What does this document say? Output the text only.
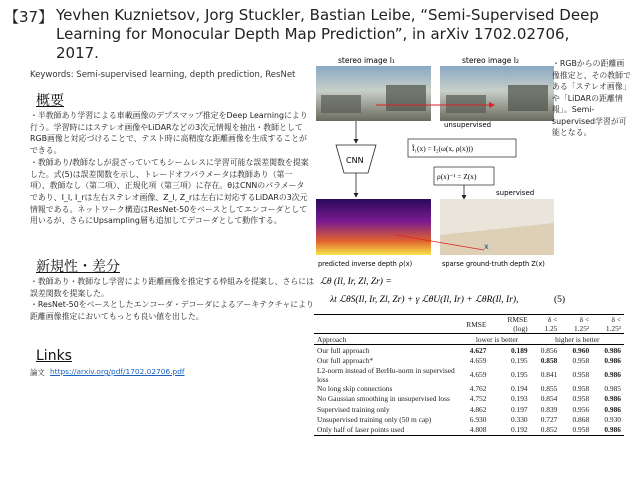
【37】 Yevhen Kuznietsov, Jorg Stuckler, Bastian Leibe, “Semi-Supervised Deep Learning for Monocular Depth Map Prediction”, in arXiv 1702.02706, 2017.
Keywords: Semi-supervised learning, depth prediction, ResNet
概要
・半教師あり学習による車載画像のデプスマップ推定をDeep Learningにより行う。学習時にはステレオ画像やLiDARなどの3次元情報を抽出・教師として RGB画像と対応づけることで、テスト時に高精度な距離画像を生成することができる。
・教師あり/教師なしが混ざっていてもシームレスに学習可能な誤差関数を提案した。式(5)は誤差関数を示し、トレードオフパラメータは教師あり（第一項）、教師なし（第二項）、正規化項（第三項）に存在。θはCNNのパラメータであり、I_l, I_rは左右ステレオ画像、Z_l, Z_rは左右に対応するLiDARの3次元情報である。ネットワーク構造はResNet-50をベースとしてエンコーダとして用いるが、さらにUpsampling層も追加してデコーダとして動作する。
新規性・差分
・教師あり・教師なし学習により距離画像を推定する枠組みを提案し、さらには誤差関数を提案した。
・ResNet-50をベースとしたエンコーダ・デコーダによるアーキテクチャにより距離画像推定においてもっとも良い値を出した。
Links
論文 https://arxiv.org/pdf/1702.02706.pdf
stereo image I₁	stereo image I₂
unsupervised
CNN
Î₁(x) = I₂(ω(x, ρ(x)))
ρ(x)⁻¹ = Z(x)
supervised
x
predicted inverse depth ρ(x)	sparse ground-truth depth Z(x)
・RGBからの距離画像推定と、その教師である「ステレオ画像」や「LiDARの距離情報」。Semi-supervised学習が可能となる。
ℒθ (Il, Ir, Zl, Zr) =
λt ℒθS(Il, Ir, Zl, Zr) + γ ℒθU(Il, Ir) + ℒθR(Il, Ir),	(5)
	RMSE	RMSE (log)	δ < 1.25	δ < 1.25²	δ < 1.25³
Approach	lower is better		higher is better		
Our full approach	4.627	0.189	0.856	0.960	0.986
Our full approach*	4.659	0.195	0.858	0.958	0.986
L2-norm instead of BerHu-norm in supervised loss	4.659	0.195	0.841	0.958	0.986
No long skip connections	4.762	0.194	0.855	0.958	0.985
No Gaussian smoothing in unsupervised loss	4.752	0.193	0.854	0.958	0.986
Supervised training only	4.862	0.197	0.839	0.956	0.986
Unsupervised training only (50 m cap)	6.930	0.330	0.727	0.868	0.930
Only half of laser points used	4.808	0.192	0.852	0.958	0.986
